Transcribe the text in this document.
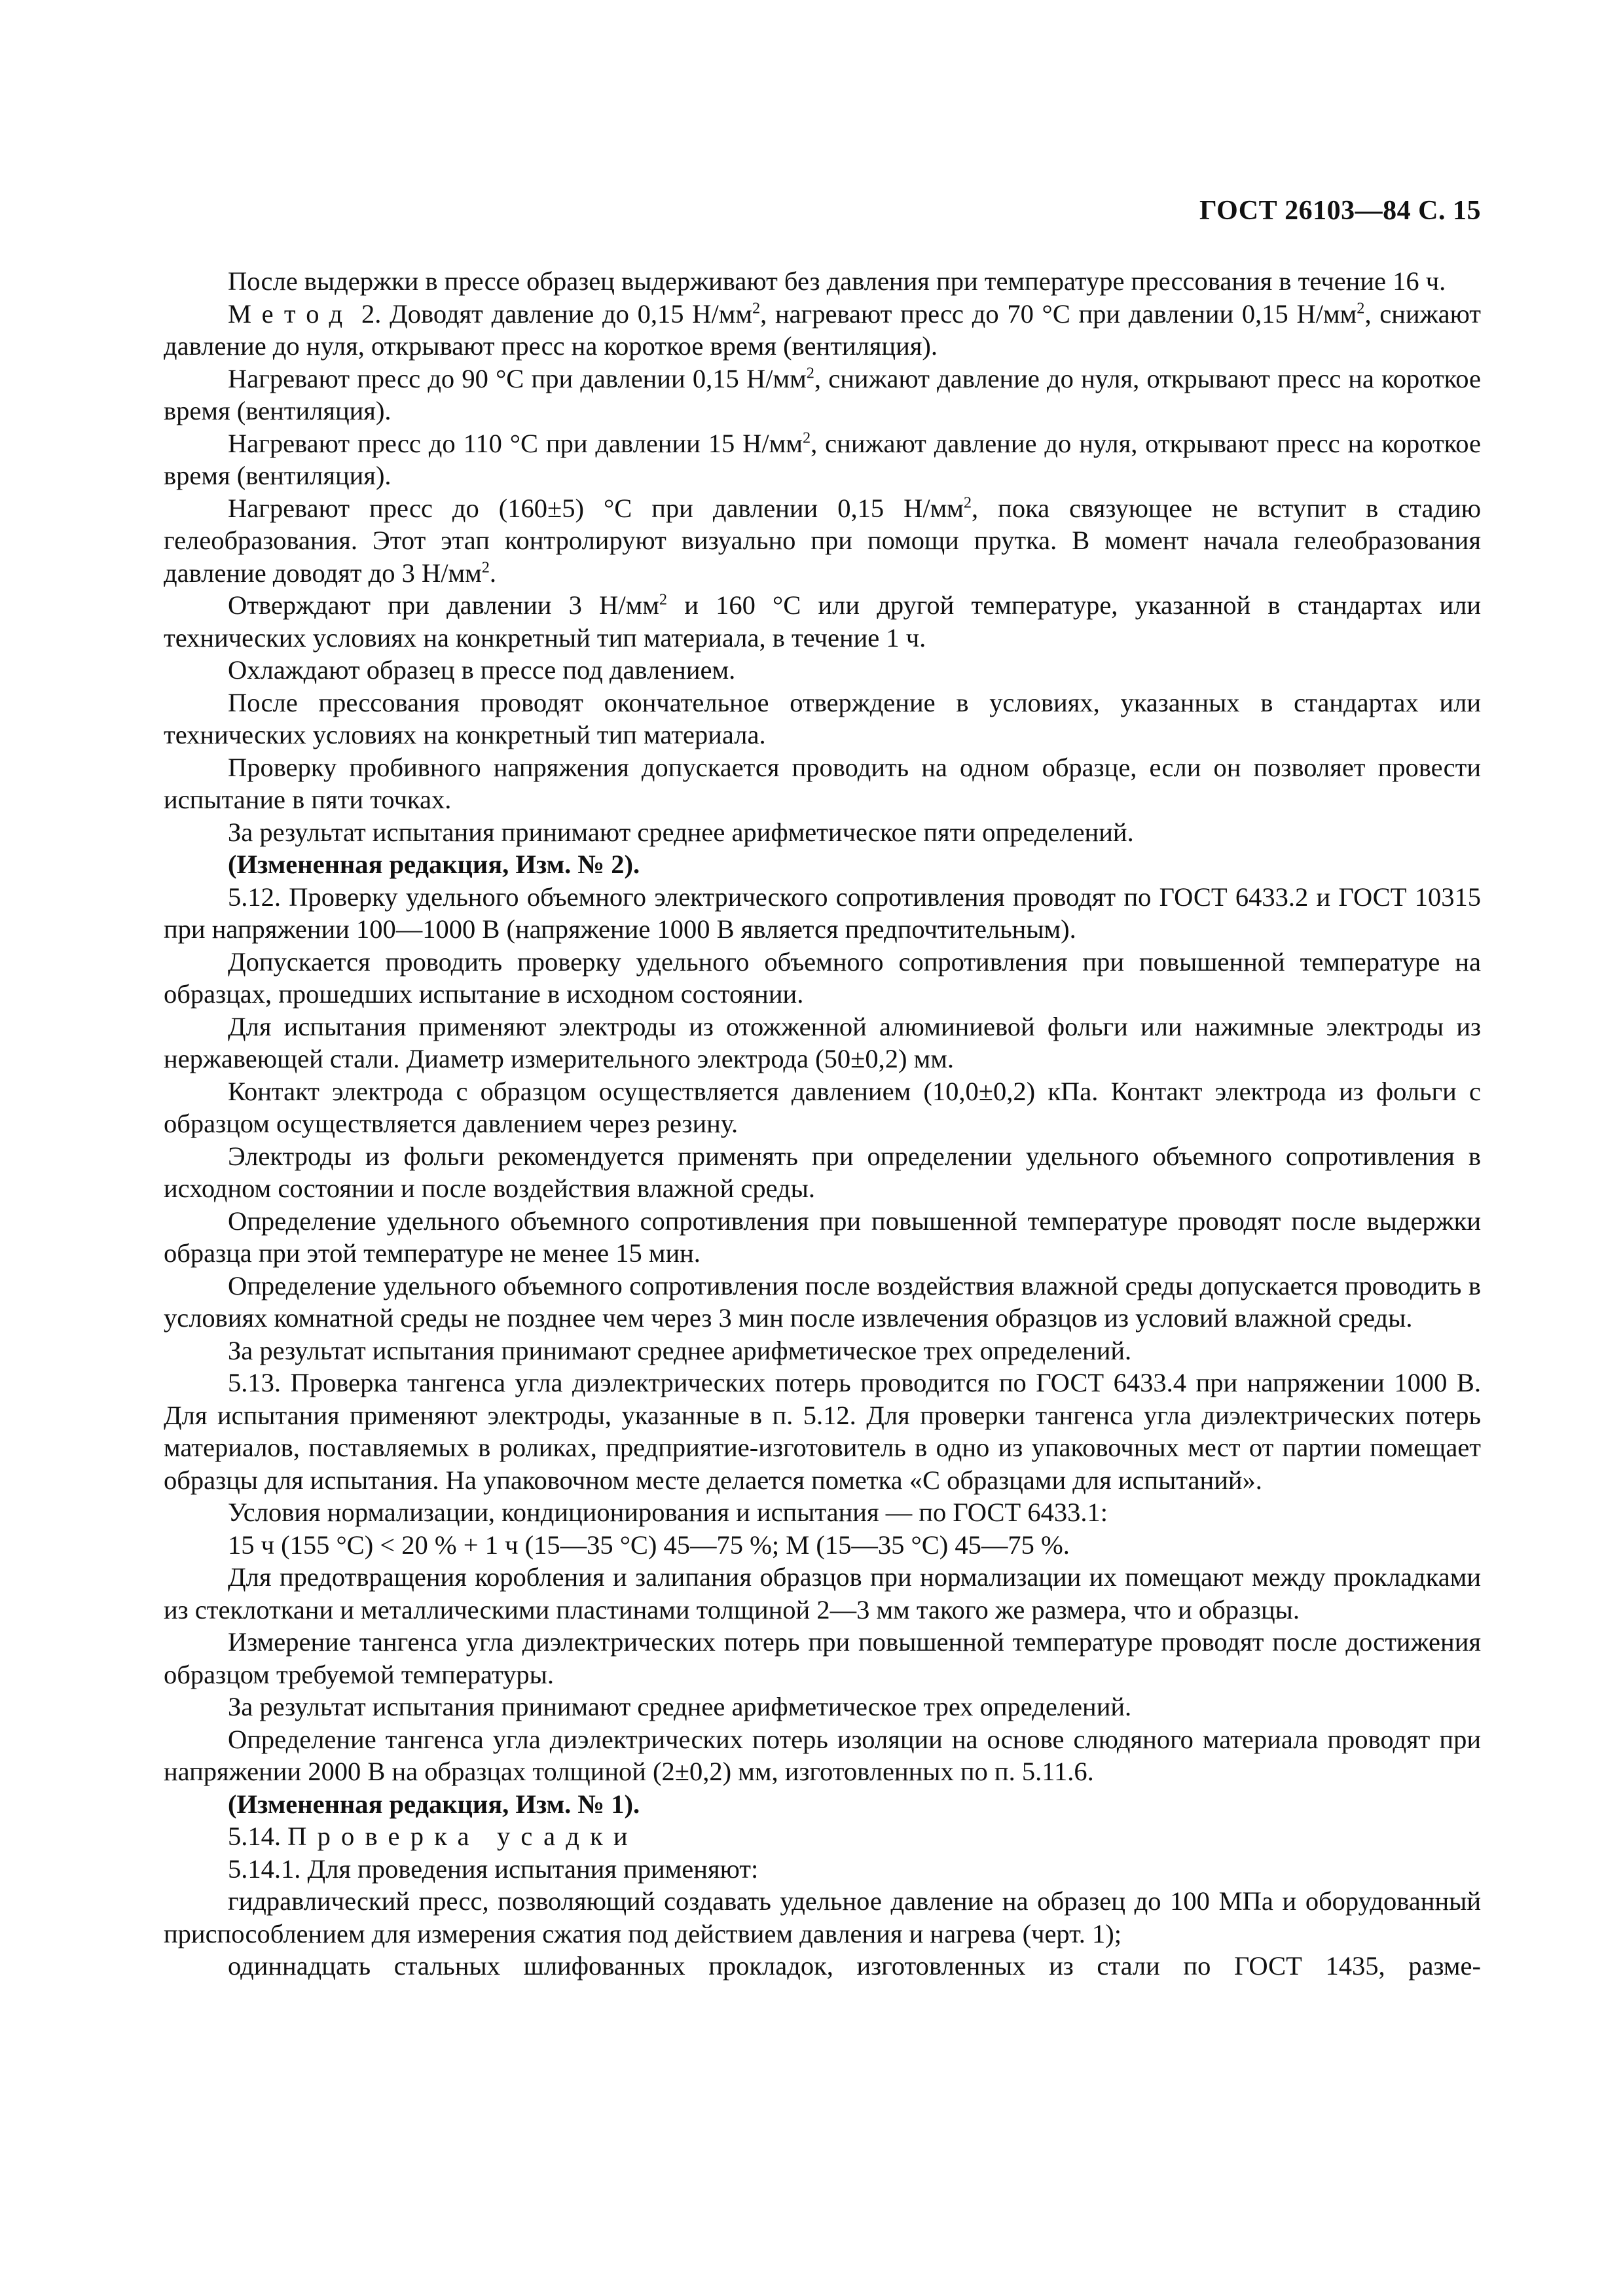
ГОСТ 26103—84 С. 15

После выдержки в прессе образец выдерживают без давления при температуре прессования в течение 16 ч.

Метод 2. Доводят давление до 0,15 $Н/мм^2$, нагревают пресс до 70 °С при давлении 0,15 $Н/мм^2$, снижают давление до нуля, открывают пресс на короткое время (вентиляция).

Нагревают пресс до 90 °С при давлении 0,15 $Н/мм^2$, снижают давление до нуля, открывают пресс на короткое время (вентиляция).

Нагревают пресс до 110 °С при давлении 15 $Н/мм^2$, снижают давление до нуля, открывают пресс на короткое время (вентиляция).

Нагревают пресс до (160±5) °С при давлении 0,15 $Н/мм^2$, пока связующее не вступит в стадию гелеобразования. Этот этап контролируют визуально при помощи прутка. В момент начала гелеобразования давление доводят до 3 $Н/мм^2$.

Отверждают при давлении 3 $Н/мм^2$ и 160 °С или другой температуре, указанной в стандартах или технических условиях на конкретный тип материала, в течение 1 ч.

Охлаждают образец в прессе под давлением.

После прессования проводят окончательное отверждение в условиях, указанных в стандартах или технических условиях на конкретный тип материала.

Проверку пробивного напряжения допускается проводить на одном образце, если он позволяет провести испытание в пяти точках.

За результат испытания принимают среднее арифметическое пяти определений.

(Измененная редакция, Изм. № 2).

5.12. Проверку удельного объемного электрического сопротивления проводят по ГОСТ 6433.2 и ГОСТ 10315 при напряжении 100—1000 В (напряжение 1000 В является предпочтительным).

Допускается проводить проверку удельного объемного сопротивления при повышенной температуре на образцах, прошедших испытание в исходном состоянии.

Для испытания применяют электроды из отожженной алюминиевой фольги или нажимные электроды из нержавеющей стали. Диаметр измерительного электрода (50±0,2) мм.

Контакт электрода с образцом осуществляется давлением (10,0±0,2) кПа. Контакт электрода из фольги с образцом осуществляется давлением через резину.

Электроды из фольги рекомендуется применять при определении удельного объемного сопротивления в исходном состоянии и после воздействия влажной среды.

Определение удельного объемного сопротивления при повышенной температуре проводят после выдержки образца при этой температуре не менее 15 мин.

Определение удельного объемного сопротивления после воздействия влажной среды допускается проводить в условиях комнатной среды не позднее чем через 3 мин после извлечения образцов из условий влажной среды.

За результат испытания принимают среднее арифметическое трех определений.

5.13. Проверка тангенса угла диэлектрических потерь проводится по ГОСТ 6433.4 при напряжении 1000 В. Для испытания применяют электроды, указанные в п. 5.12. Для проверки тангенса угла диэлектрических потерь материалов, поставляемых в роликах, предприятие-изготовитель в одно из упаковочных мест от партии помещает образцы для испытания. На упаковочном месте делается пометка «С образцами для испытаний».

Условия нормализации, кондиционирования и испытания — по ГОСТ 6433.1:

15 ч (155 °С) < 20 % + 1 ч (15—35 °С) 45—75 %; М (15—35 °С) 45—75 %.

Для предотвращения коробления и залипания образцов при нормализации их помещают между прокладками из стеклоткани и металлическими пластинами толщиной 2—3 мм такого же размера, что и образцы.

Измерение тангенса угла диэлектрических потерь при повышенной температуре проводят после достижения образцом требуемой температуры.

За результат испытания принимают среднее арифметическое трех определений.

Определение тангенса угла диэлектрических потерь изоляции на основе слюдяного материала проводят при напряжении 2000 В на образцах толщиной (2±0,2) мм, изготовленных по п. 5.11.6.

(Измененная редакция, Изм. № 1).

5.14. Проверка усадки

5.14.1. Для проведения испытания применяют:

гидравлический пресс, позволяющий создавать удельное давление на образец до 100 МПа и оборудованный приспособлением для измерения сжатия под действием давления и нагрева (черт. 1);

одиннадцать стальных шлифованных прокладок, изготовленных из стали по ГОСТ 1435, разме-
